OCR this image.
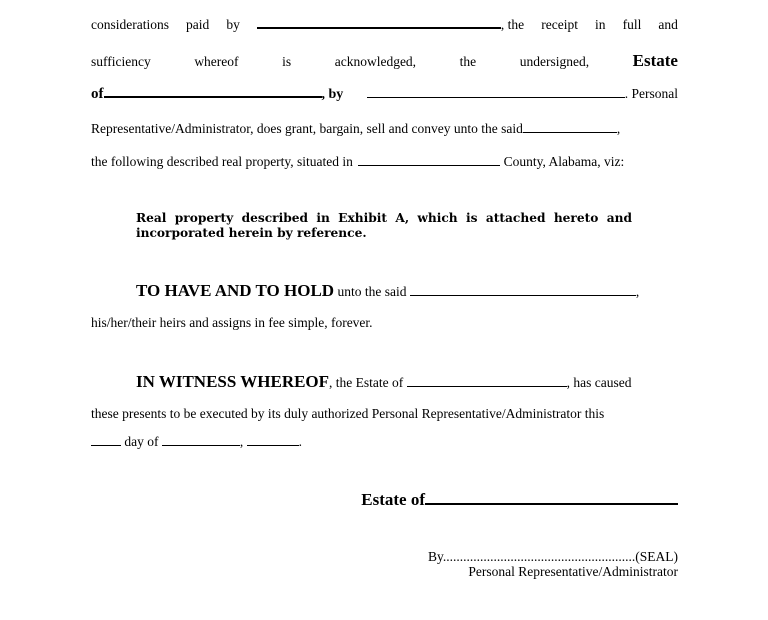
considerations paid by	, the receipt in full and
sufficiency	whereof	is	acknowledged,	the	undersigned,	Estate
of	, by	. Personal
Representative/Administrator, does grant, bargain, sell and convey unto the said	,
the following described real property, situated in	County, Alabama, viz:
Real property described in Exhibit A, which is attached hereto and incorporated herein by reference.
TO HAVE AND TO HOLD unto the said	,
his/her/their heirs and assigns in fee simple, forever.
IN WITNESS WHEREOF, the Estate of	, has caused
these presents to be executed by its duly authorized Personal Representative/Administrator this
day of	,	.
Estate of
By.........................................................(SEAL)
Personal Representative/Administrator
